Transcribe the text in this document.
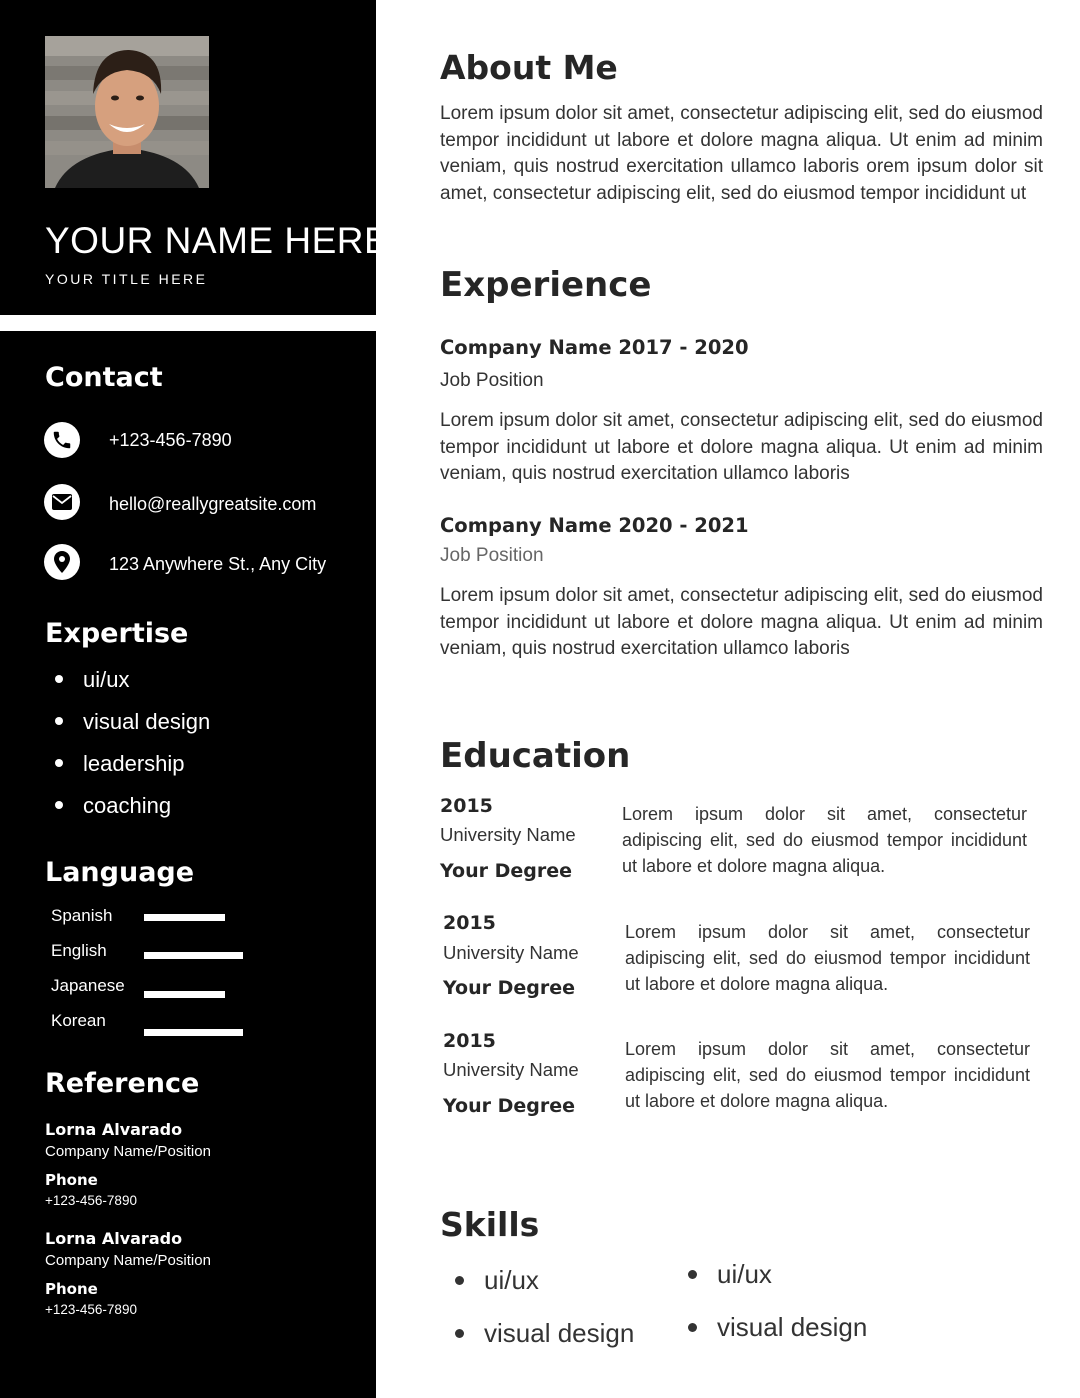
YOUR NAME HERE
YOUR TITLE HERE
Contact
+123-456-7890
hello@reallygreatsite.com
123 Anywhere St., Any City
Expertise
ui/ux
visual design
leadership
coaching
Language
Spanish
English
Japanese
Korean
Reference
Lorna Alvarado
Company Name/Position
Phone
+123-456-7890
Lorna Alvarado
Company Name/Position
Phone
+123-456-7890
About Me
Lorem ipsum dolor sit amet, consectetur adipiscing elit, sed do eiusmod tempor incididunt ut labore et dolore magna aliqua. Ut enim ad minim veniam, quis nostrud exercitation ullamco laboris orem ipsum dolor sit amet, consectetur adipiscing elit, sed do eiusmod tempor incididunt ut
Experience
Company Name 2017 - 2020
Job Position
Lorem ipsum dolor sit amet, consectetur adipiscing elit, sed do eiusmod tempor incididunt ut labore et dolore magna aliqua. Ut enim ad minim veniam, quis nostrud exercitation ullamco laboris
Company Name 2020 - 2021
Job Position
Lorem ipsum dolor sit amet, consectetur adipiscing elit, sed do eiusmod tempor incididunt ut labore et dolore magna aliqua. Ut enim ad minim veniam, quis nostrud exercitation ullamco laboris
Education
2015
University Name
Your Degree
Lorem ipsum dolor sit amet, consectetur adipiscing elit, sed do eiusmod tempor incididunt ut labore et dolore magna aliqua.
2015
University Name
Your Degree
Lorem ipsum dolor sit amet, consectetur adipiscing elit, sed do eiusmod tempor incididunt ut labore et dolore magna aliqua.
2015
University Name
Your Degree
Lorem ipsum dolor sit amet, consectetur adipiscing elit, sed do eiusmod tempor incididunt ut labore et dolore magna aliqua.
Skills
ui/ux
visual design
ui/ux
visual design
